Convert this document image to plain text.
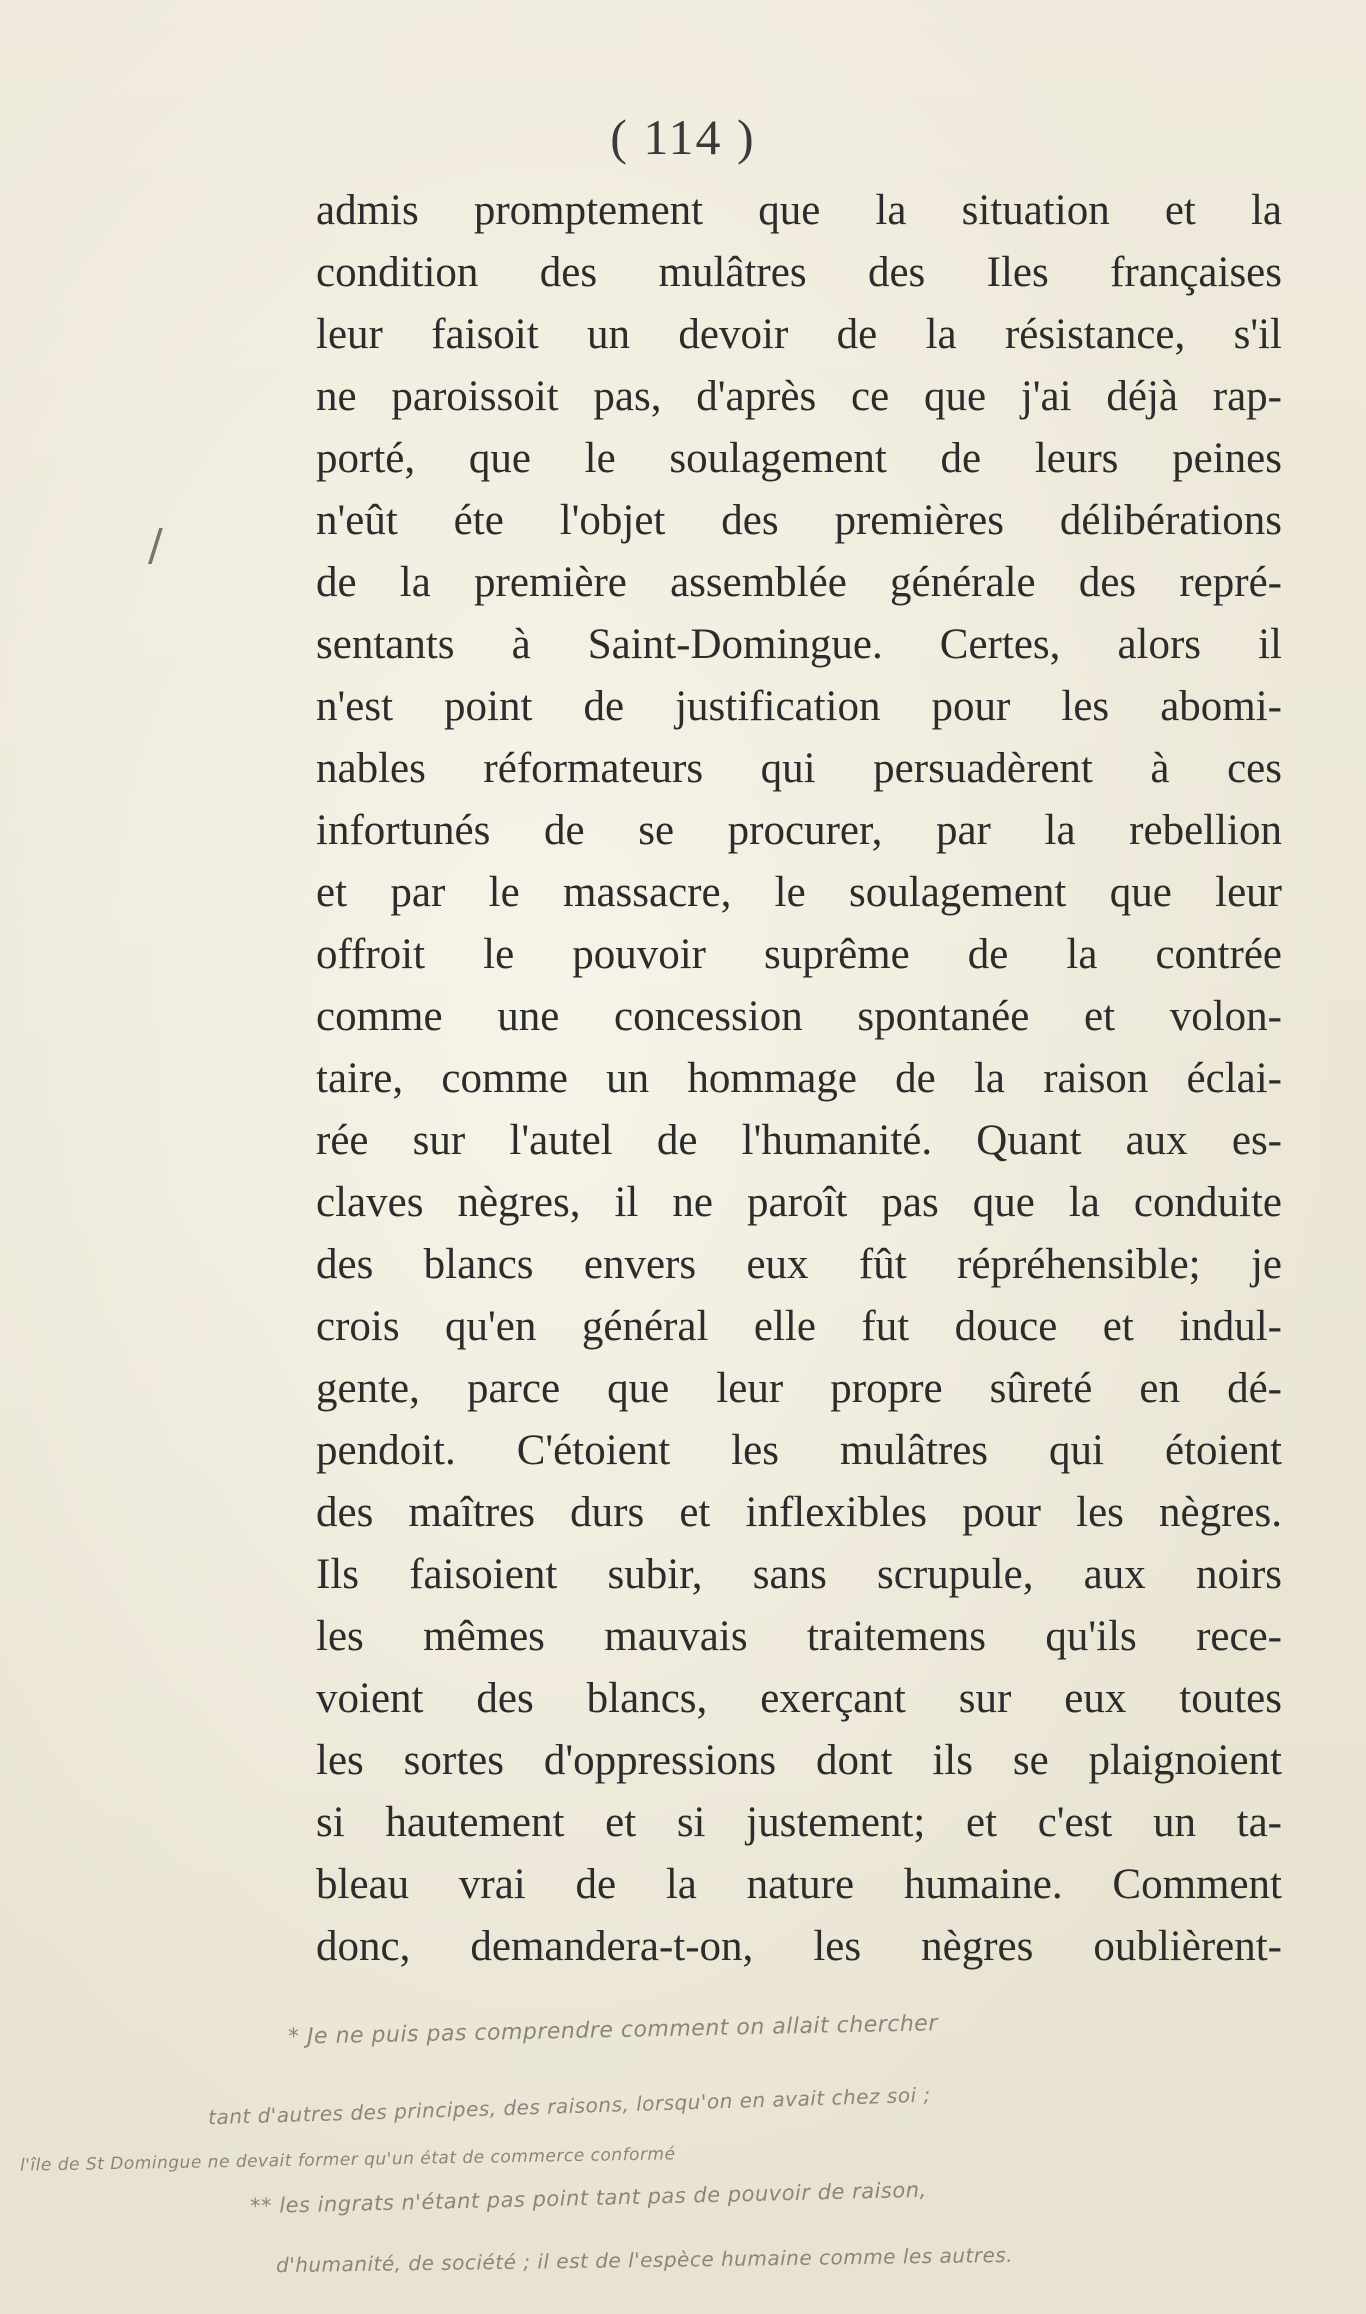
( 114 )
/
admis promptement que la situation et la
condition des mulâtres des Iles françaises
leur faisoit un devoir de la résistance, s'il
ne paroissoit pas, d'après ce que j'ai déjà rap-
porté, que le soulagement de leurs peines
n'eût éte l'objet des premières délibérations
de la première assemblée générale des repré-
sentants à Saint-Domingue. Certes, alors il
n'est point de justification pour les abomi-
nables réformateurs qui persuadèrent à ces
infortunés de se procurer, par la rebellion
et par le massacre, le soulagement que leur
offroit le pouvoir suprême de la contrée
comme une concession spontanée et volon-
taire, comme un hommage de la raison éclai-
rée sur l'autel de l'humanité. Quant aux es-
claves nègres, il ne paroît pas que la conduite
des blancs envers eux fût répréhensible; je
crois qu'en général elle fut douce et indul-
gente, parce que leur propre sûreté en dé-
pendoit. C'étoient les mulâtres qui étoient
des maîtres durs et inflexibles pour les nègres.
Ils faisoient subir, sans scrupule, aux noirs
les mêmes mauvais traitemens qu'ils rece-
voient des blancs, exerçant sur eux toutes
les sortes d'oppressions dont ils se plaignoient
si hautement et si justement; et c'est un ta-
bleau vrai de la nature humaine. Comment
donc, demandera-t-on, les nègres oublièrent-
* Je ne puis pas comprendre comment on allait chercher
tant d'autres des principes, des raisons, lorsqu'on en avait chez soi ;
l'île de St Domingue ne devait former qu'un état de commerce conformé
** les ingrats n'étant pas point tant pas de pouvoir de raison,
d'humanité, de société ; il est de l'espèce humaine comme les autres.
